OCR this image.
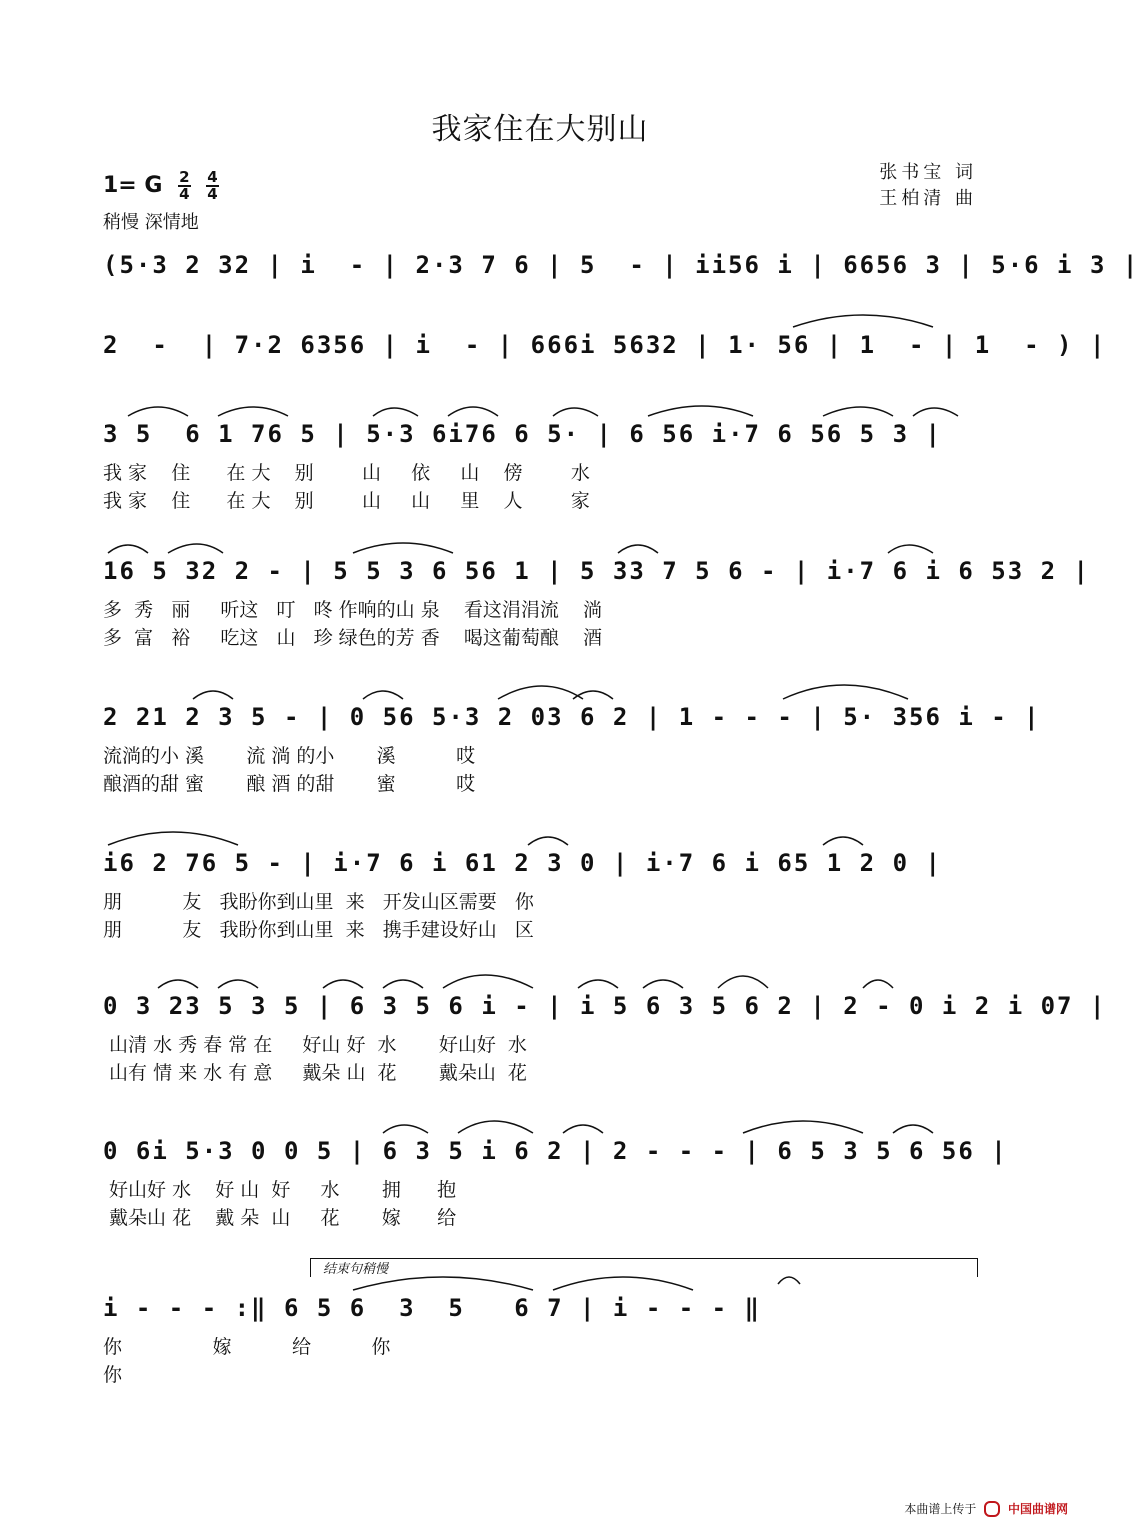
我家住在大别山
1= G $\frac{2}{4}$
$\frac{4}{4}$
稍慢 深情地
张书宝 词
王柏清 曲
(5·3 2 32 | i  - | 2·3 7 6 | 5  - | ii56 i | 6656 3 | 5·6 i 3 |
2  -  | 7·2 6356 | i  - | 666i 5632 | 1· 56 | 1  - | 1  - ) |
3 5  6 1 76 5 | 5·3 6i76 6 5· | 6 56 i·7 6 56 5 3 |
我 家    住      在 大    别        山     依     山    傍        水
我 家    住      在 大    别        山     山     里    人        家
16 5 32 2 - | 5 5 3 6 56 1 | 5 33 7 5 6 - | i·7 6 i 6 53 2 |
多  秀   丽     听这   叮   咚 作响的山 泉    看这涓涓流    淌
多  富   裕     吃这   山   珍 绿色的芳 香    喝这葡萄酿    酒
2 21 2 3 5 - | 0 56 5·3 2 03 6 2 | 1 - - - | 5· 356 i - |
流淌的小 溪       流 淌 的小       溪          哎
酿酒的甜 蜜       酿 酒 的甜       蜜          哎
i6 2 76 5 - | i·7 6 i 61 2 3 0 | i·7 6 i 65 1 2 0 |
朋          友   我盼你到山里  来   开发山区需要   你
朋          友   我盼你到山里  来   携手建设好山   区
0 3 23 5 3 5 | 6 3 5 6 i - | i 5 6 3 5 6 2 | 2 - 0 i 2 i 07 |
山清 水 秀 春 常 在     好山 好  水       好山好  水
山有 情 来 水 有 意     戴朵 山  花       戴朵山  花
0 6i 5·3 0 0 5 | 6 3 5 i 6 2 | 2 - - - | 6 5 3 5 6 56 |
好山好 水    好 山  好     水       拥      抱
戴朵山 花    戴 朵  山     花       嫁      给
结束句稍慢
i - - - :‖ 6 5 6  3  5   6 7 | i - - - ‖
你               嫁          给          你
你
本曲谱上传于	中国曲谱网
